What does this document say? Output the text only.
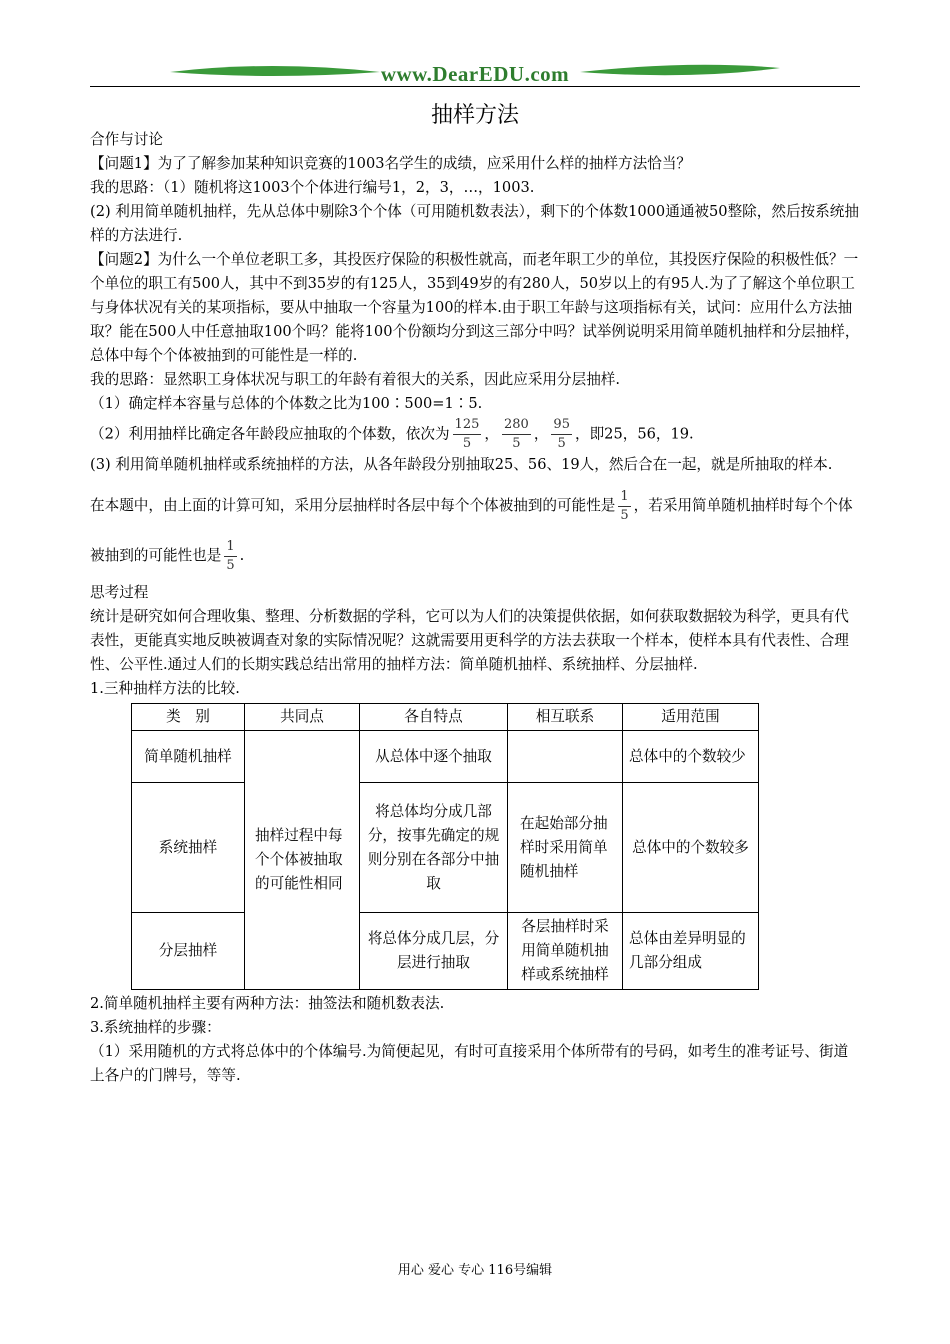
www.DearEDU.com
抽样方法

合作与讨论

【问题1】为了了解参加某种知识竞赛的1003名学生的成绩，应采用什么样的抽样方法恰当？

我的思路：（1）随机将这1003个个体进行编号1，2，3，…，1003.

(2) 利用简单随机抽样，先从总体中剔除3个个体（可用随机数表法），剩下的个体数1000通通被50整除，然后按系统抽样的方法进行.

【问题2】为什么一个单位老职工多，其投医疗保险的积极性就高，而老年职工少的单位，其投医疗保险的积极性低？一个单位的职工有500人，其中不到35岁的有125人，35到49岁的有280人，50岁以上的有95人.为了了解这个单位职工与身体状况有关的某项指标，要从中抽取一个容量为100的样本.由于职工年龄与这项指标有关，试问：应用什么方法抽取？能在500人中任意抽取100个吗？能将100个份额均分到这三部分中吗？试举例说明采用简单随机抽样和分层抽样，总体中每个个体被抽到的可能性是一样的.

我的思路：显然职工身体状况与职工的年龄有着很大的关系，因此应采用分层抽样.

（1）确定样本容量与总体的个体数之比为100∶500=1∶5.

（2）利用抽样比确定各年龄段应抽取的个体数，依次为 $\frac{125}{5}$ ， $\frac{280}{5}$ ， $\frac{95}{5}$ ，即25，56，19.

(3) 利用简单随机抽样或系统抽样的方法，从各年龄段分别抽取25、56、19人，然后合在一起，就是所抽取的样本.

在本题中，由上面的计算可知，采用分层抽样时各层中每个个体被抽到的可能性是 $\frac{1}{5}$ ，若采用简单随机抽样时每个个体被抽到的可能性也是 $\frac{1}{5}$ .

思考过程

统计是研究如何合理收集、整理、分析数据的学科，它可以为人们的决策提供依据，如何获取数据较为科学，更具有代表性，更能真实地反映被调查对象的实际情况呢？这就需要用更科学的方法去获取一个样本，使样本具有代表性、合理性、公平性.通过人们的长期实践总结出常用的抽样方法：简单随机抽样、系统抽样、分层抽样.

1.三种抽样方法的比较.

类　别	共同点	各自特点	相互联系	适用范围
简单随机抽样	抽样过程中每个个体被抽取的可能性相同	从总体中逐个抽取		总体中的个数较少
系统抽样		将总体均分成几部分，按事先确定的规则分别在各部分中抽取	在起始部分抽样时采用简单随机抽样	总体中的个数较多
分层抽样		将总体分成几层，分层进行抽取	各层抽样时采用简单随机抽样或系统抽样	总体由差异明显的几部分组成

2.简单随机抽样主要有两种方法：抽签法和随机数表法.

3.系统抽样的步骤：

（1）采用随机的方式将总体中的个体编号.为简便起见，有时可直接采用个体所带有的号码，如考生的准考证号、街道上各户的门牌号，等等.

用心 爱心 专心 116号编辑
